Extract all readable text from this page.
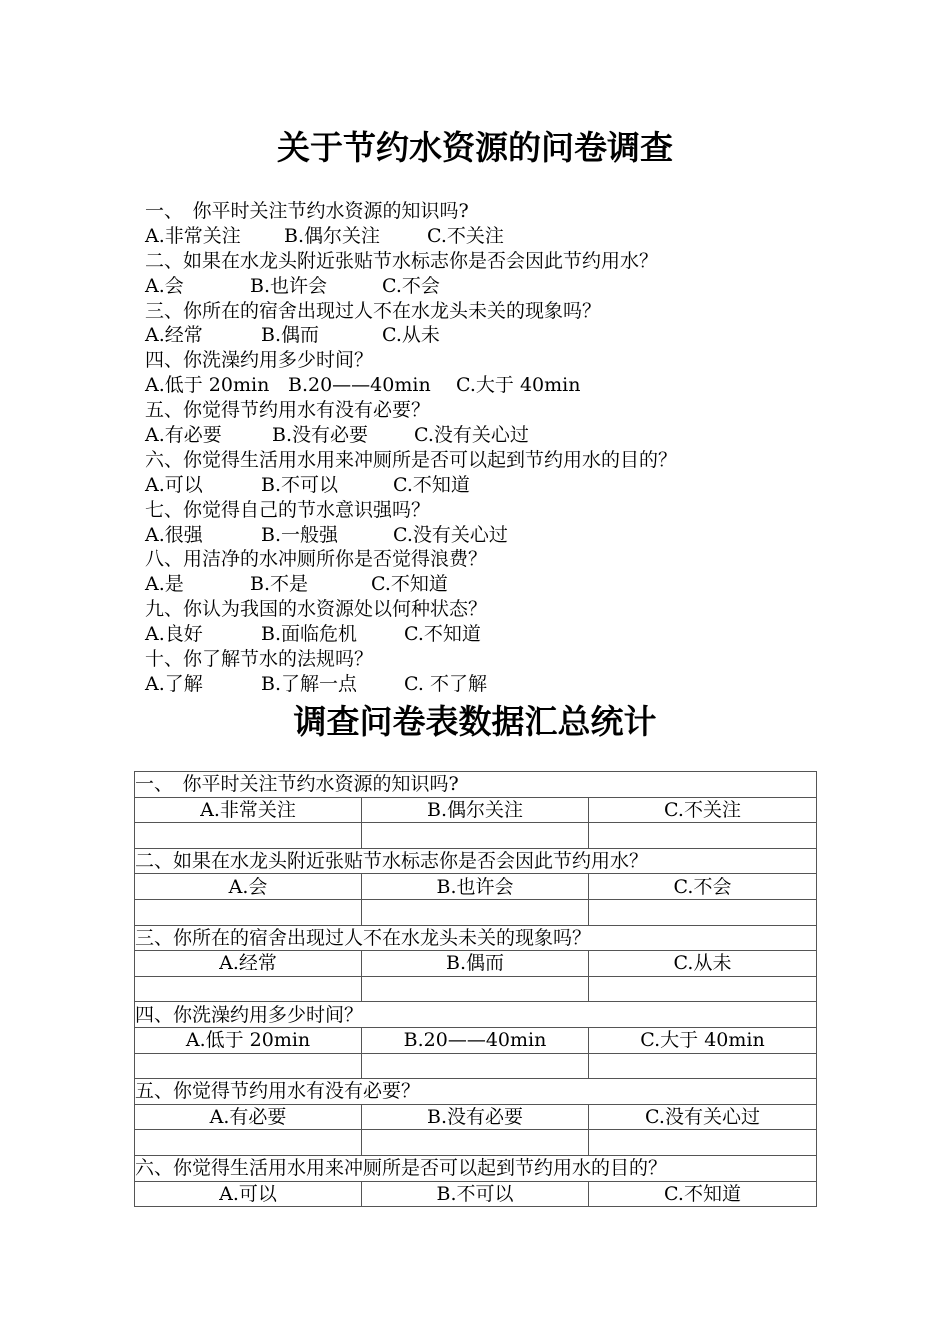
关于节约水资源的问卷调查
一、　你平时关注节约水资源的知识吗?
A.非常关注	B.偶尔关注	C.不关注
二、如果在水龙头附近张贴节水标志你是否会因此节约用水？
A.会	B.也许会	C.不会
三、你所在的宿舍出现过人不在水龙头未关的现象吗？
A.经常	B.偶而	C.从未
四、你洗澡约用多少时间？
A.低于 20min B.20——40min	C.大于 40min
五、你觉得节约用水有没有必要？
A.有必要	B.没有必要	C.没有关心过
六、你觉得生活用水用来冲厕所是否可以起到节约用水的目的？
A.可以	B.不可以	C.不知道
七、你觉得自己的节水意识强吗？
A.很强	B.一般强	C.没有关心过
八、用洁净的水冲厕所你是否觉得浪费？
A.是	B.不是	C.不知道
九、你认为我国的水资源处以何种状态？
A.良好	B.面临危机	C.不知道
十、你了解节水的法规吗？
A.了解	B.了解一点	C. 不了解
调查问卷表数据汇总统计
一、　你平时关注节约水资源的知识吗?		
A.非常关注	B.偶尔关注	C.不关注

二、如果在水龙头附近张贴节水标志你是否会因此节约用水？		
A.会	B.也许会	C.不会

三、你所在的宿舍出现过人不在水龙头未关的现象吗？		
A.经常	B.偶而	C.从未

四、你洗澡约用多少时间？		
A.低于 20min	B.20——40min	C.大于 40min

五、你觉得节约用水有没有必要？		
A.有必要	B.没有必要	C.没有关心过

六、你觉得生活用水用来冲厕所是否可以起到节约用水的目的？		
A.可以	B.不可以	C.不知道
